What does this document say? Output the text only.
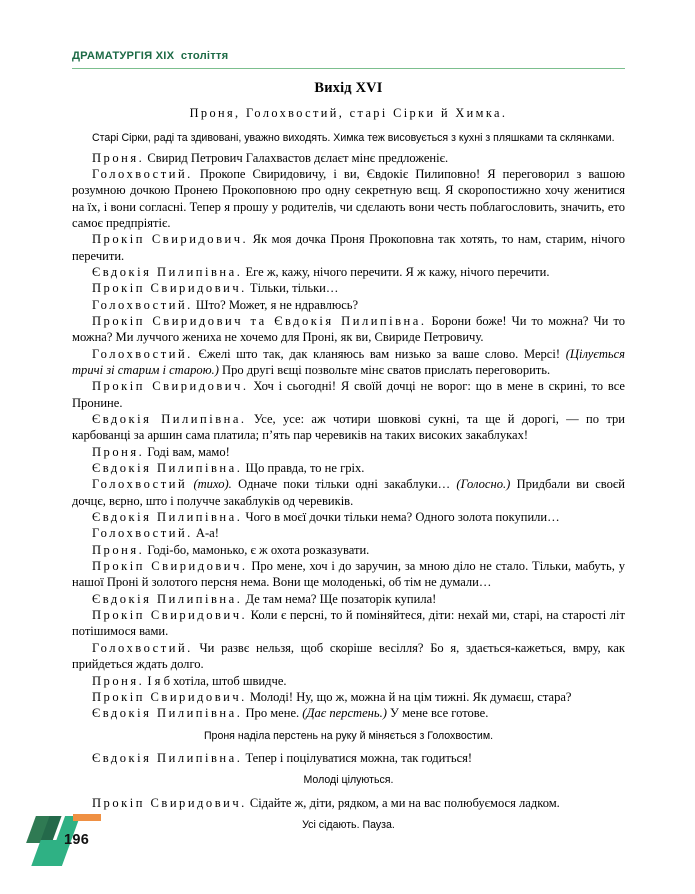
ДРАМАТУРГІЯ XIX століття
Вихід XVI
Проня, Голохвостий, старі Сірки й Химка.
Старі Сірки, раді та здивовані, уважно виходять. Химка теж висовується з кухні з пляшками та склянками.

Проня. Свирид Петрович Галахвастов дєлаєт мінє предложеніє.

Голохвостий. Прокопе Свиридовичу, і ви, Євдокіє Пилиповно! Я переговорил з вашою розумною дочкою Пронею Прокоповною про одну секретную вєщ. Я скоропостижно хочу женитися на їх, і вони согласні. Тепер я прошу у родителів, чи сдєлають вони честь поблагословить, значить, ето самоє предпріятіє.

Прокіп Свиридович. Як моя дочка Проня Прокоповна так хотять, то нам, старим, нічого перечити.

Євдокія Пилипівна. Еге ж, кажу, нічого перечити. Я ж кажу, нічого перечити.

Прокіп Свиридович. Тільки, тільки…

Голохвостий. Што? Может, я не ндравлюсь?

Прокіп Свиридович та Євдокія Пилипівна. Борони боже! Чи то можна? Чи то можна? Ми луччого жениха не хочемо для Проні, як ви, Свириде Петровичу.

Голохвостий. Єжелі што так, дак кланяюсь вам низько за ваше слово. Мерсі! (Цілується тричі зі старим і старою.) Про другі вєщі позвольте мінє сватов прислать переговорить.

Прокіп Свиридович. Хоч і сьогодні! Я своїй дочці не ворог: що в мене в скрині, то все Пронине.

Євдокія Пилипівна. Усе, усе: аж чотири шовкові сукні, та ще й дорогі, — по три карбованці за аршин сама платила; п’ять пар черевиків на таких високих закаблуках!

Проня. Годі вам, мамо!

Євдокія Пилипівна. Що правда, то не гріх.

Голохвостий (тихо). Одначе поки тільки одні закаблуки… (Голосно.) Придбали ви своєй дочцє, вєрно, што і получче закаблуків од черевиків.

Євдокія Пилипівна. Чого в моєї дочки тільки нема? Одного золота покупили…

Голохвостий. А-а!

Проня. Годі-бо, мамонько, є ж охота розказувати.

Прокіп Свиридович. Про мене, хоч і до заручин, за мною діло не стало. Тільки, мабуть, у нашої Проні й золотого персня нема. Вони ще молоденькі, об тім не думали…

Євдокія Пилипівна. Де там нема? Ще позаторік купила!

Прокіп Свиридович. Коли є персні, то й поміняйтеся, діти: нехай ми, старі, на старості літ потішимося вами.

Голохвостий. Чи развє нельзя, щоб скоріше весілля? Бо я, здається-кажеться, вмру, как прийдеться ждать долго.

Проня. І я б хотіла, штоб швидче.

Прокіп Свиридович. Молоді! Ну, що ж, можна й на цім тижні. Як думаєш, стара?

Євдокія Пилипівна. Про мене. (Дає перстень.) У мене все готове.

Проня наділа перстень на руку й міняється з Голохвостим.

Євдокія Пилипівна. Тепер і поцілуватися можна, так годиться!

Молоді цілуються.

Прокіп Свиридович. Сідайте ж, діти, рядком, а ми на вас полюбуємося ладком.

Усі сідають. Пауза.
196
